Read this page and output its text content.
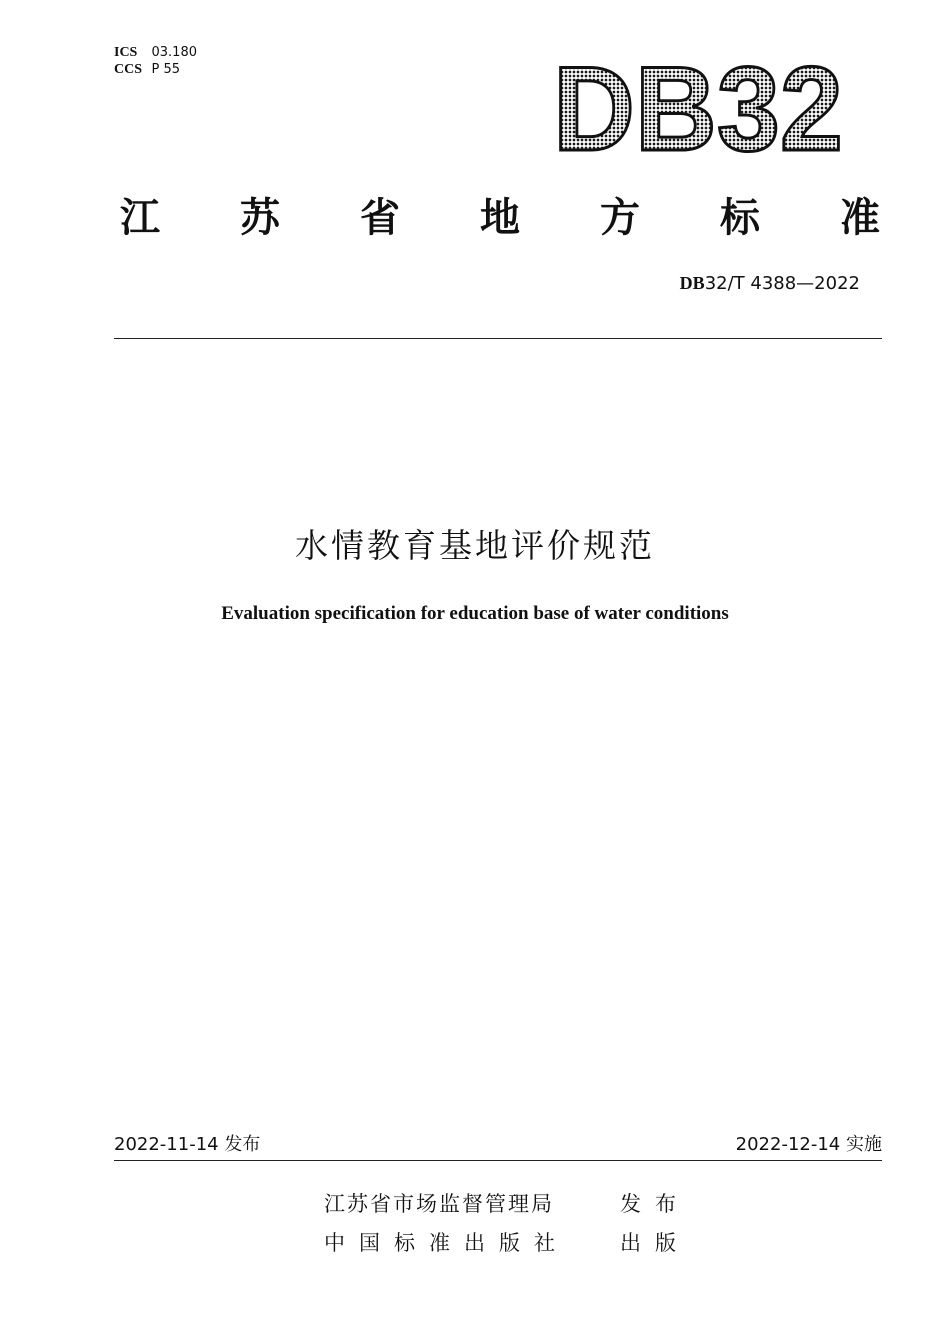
ICS 03.180
CCS P 55	DB32
江 苏 省 地 方 标 准
DB32/T 4388—2022
水情教育基地评价规范
Evaluation specification for education base of water conditions
2022-11-14 发布	2022-12-14 实施
江苏省市场监督管理局	发布
中国标准出版社	出版
